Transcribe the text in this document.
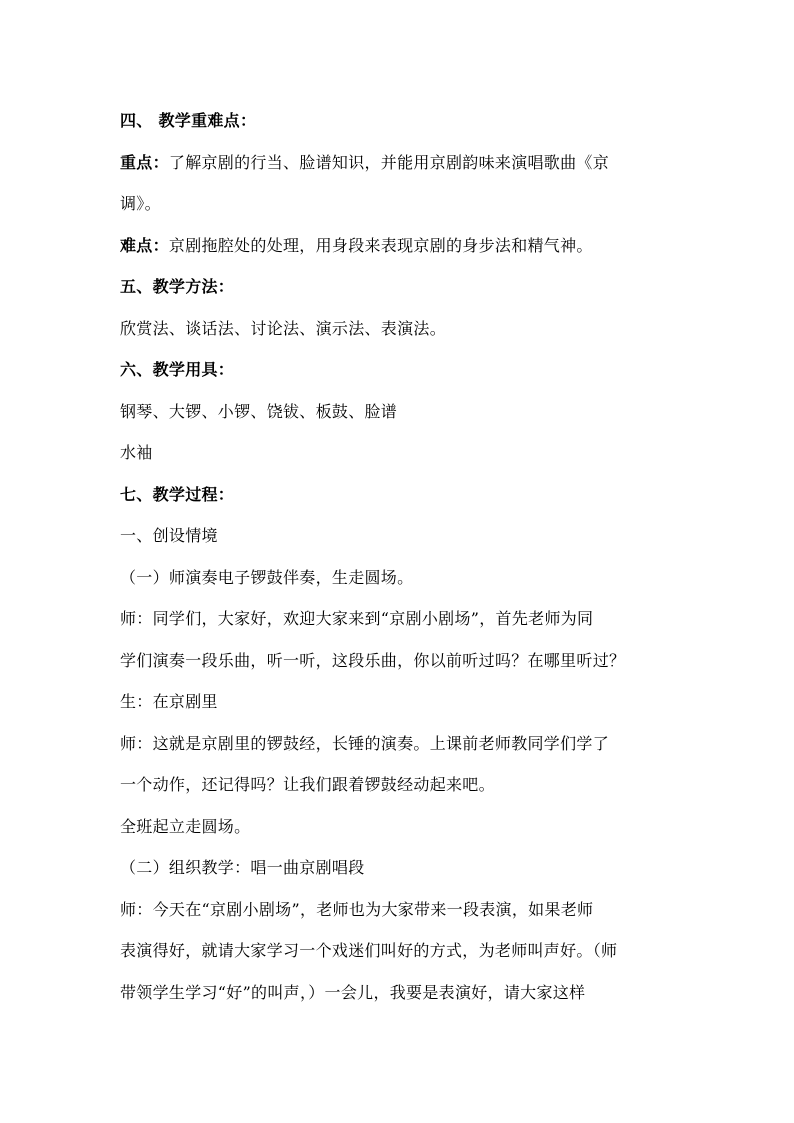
四、 教学重难点：
重点：了解京剧的行当、脸谱知识，并能用京剧韵味来演唱歌曲《京
调》。
难点：京剧拖腔处的处理，用身段来表现京剧的身步法和精气神。
五、教学方法：
欣赏法、谈话法、讨论法、演示法、表演法。
六、教学用具：
钢琴、大锣、小锣、饶钹、板鼓、脸谱
水袖
七、教学过程：
一、创设情境
（一）师演奏电子锣鼓伴奏，生走圆场。
师：同学们，大家好，欢迎大家来到“京剧小剧场”，首先老师为同
学们演奏一段乐曲，听一听，这段乐曲，你以前听过吗？在哪里听过？
生：在京剧里
师：这就是京剧里的锣鼓经，长锤的演奏。上课前老师教同学们学了
一个动作，还记得吗？让我们跟着锣鼓经动起来吧。
全班起立走圆场。
（二）组织教学：唱一曲京剧唱段
师：今天在“京剧小剧场”，老师也为大家带来一段表演，如果老师
表演得好，就请大家学习一个戏迷们叫好的方式，为老师叫声好。（师
带领学生学习“好”的叫声，）一会儿，我要是表演好，请大家这样
